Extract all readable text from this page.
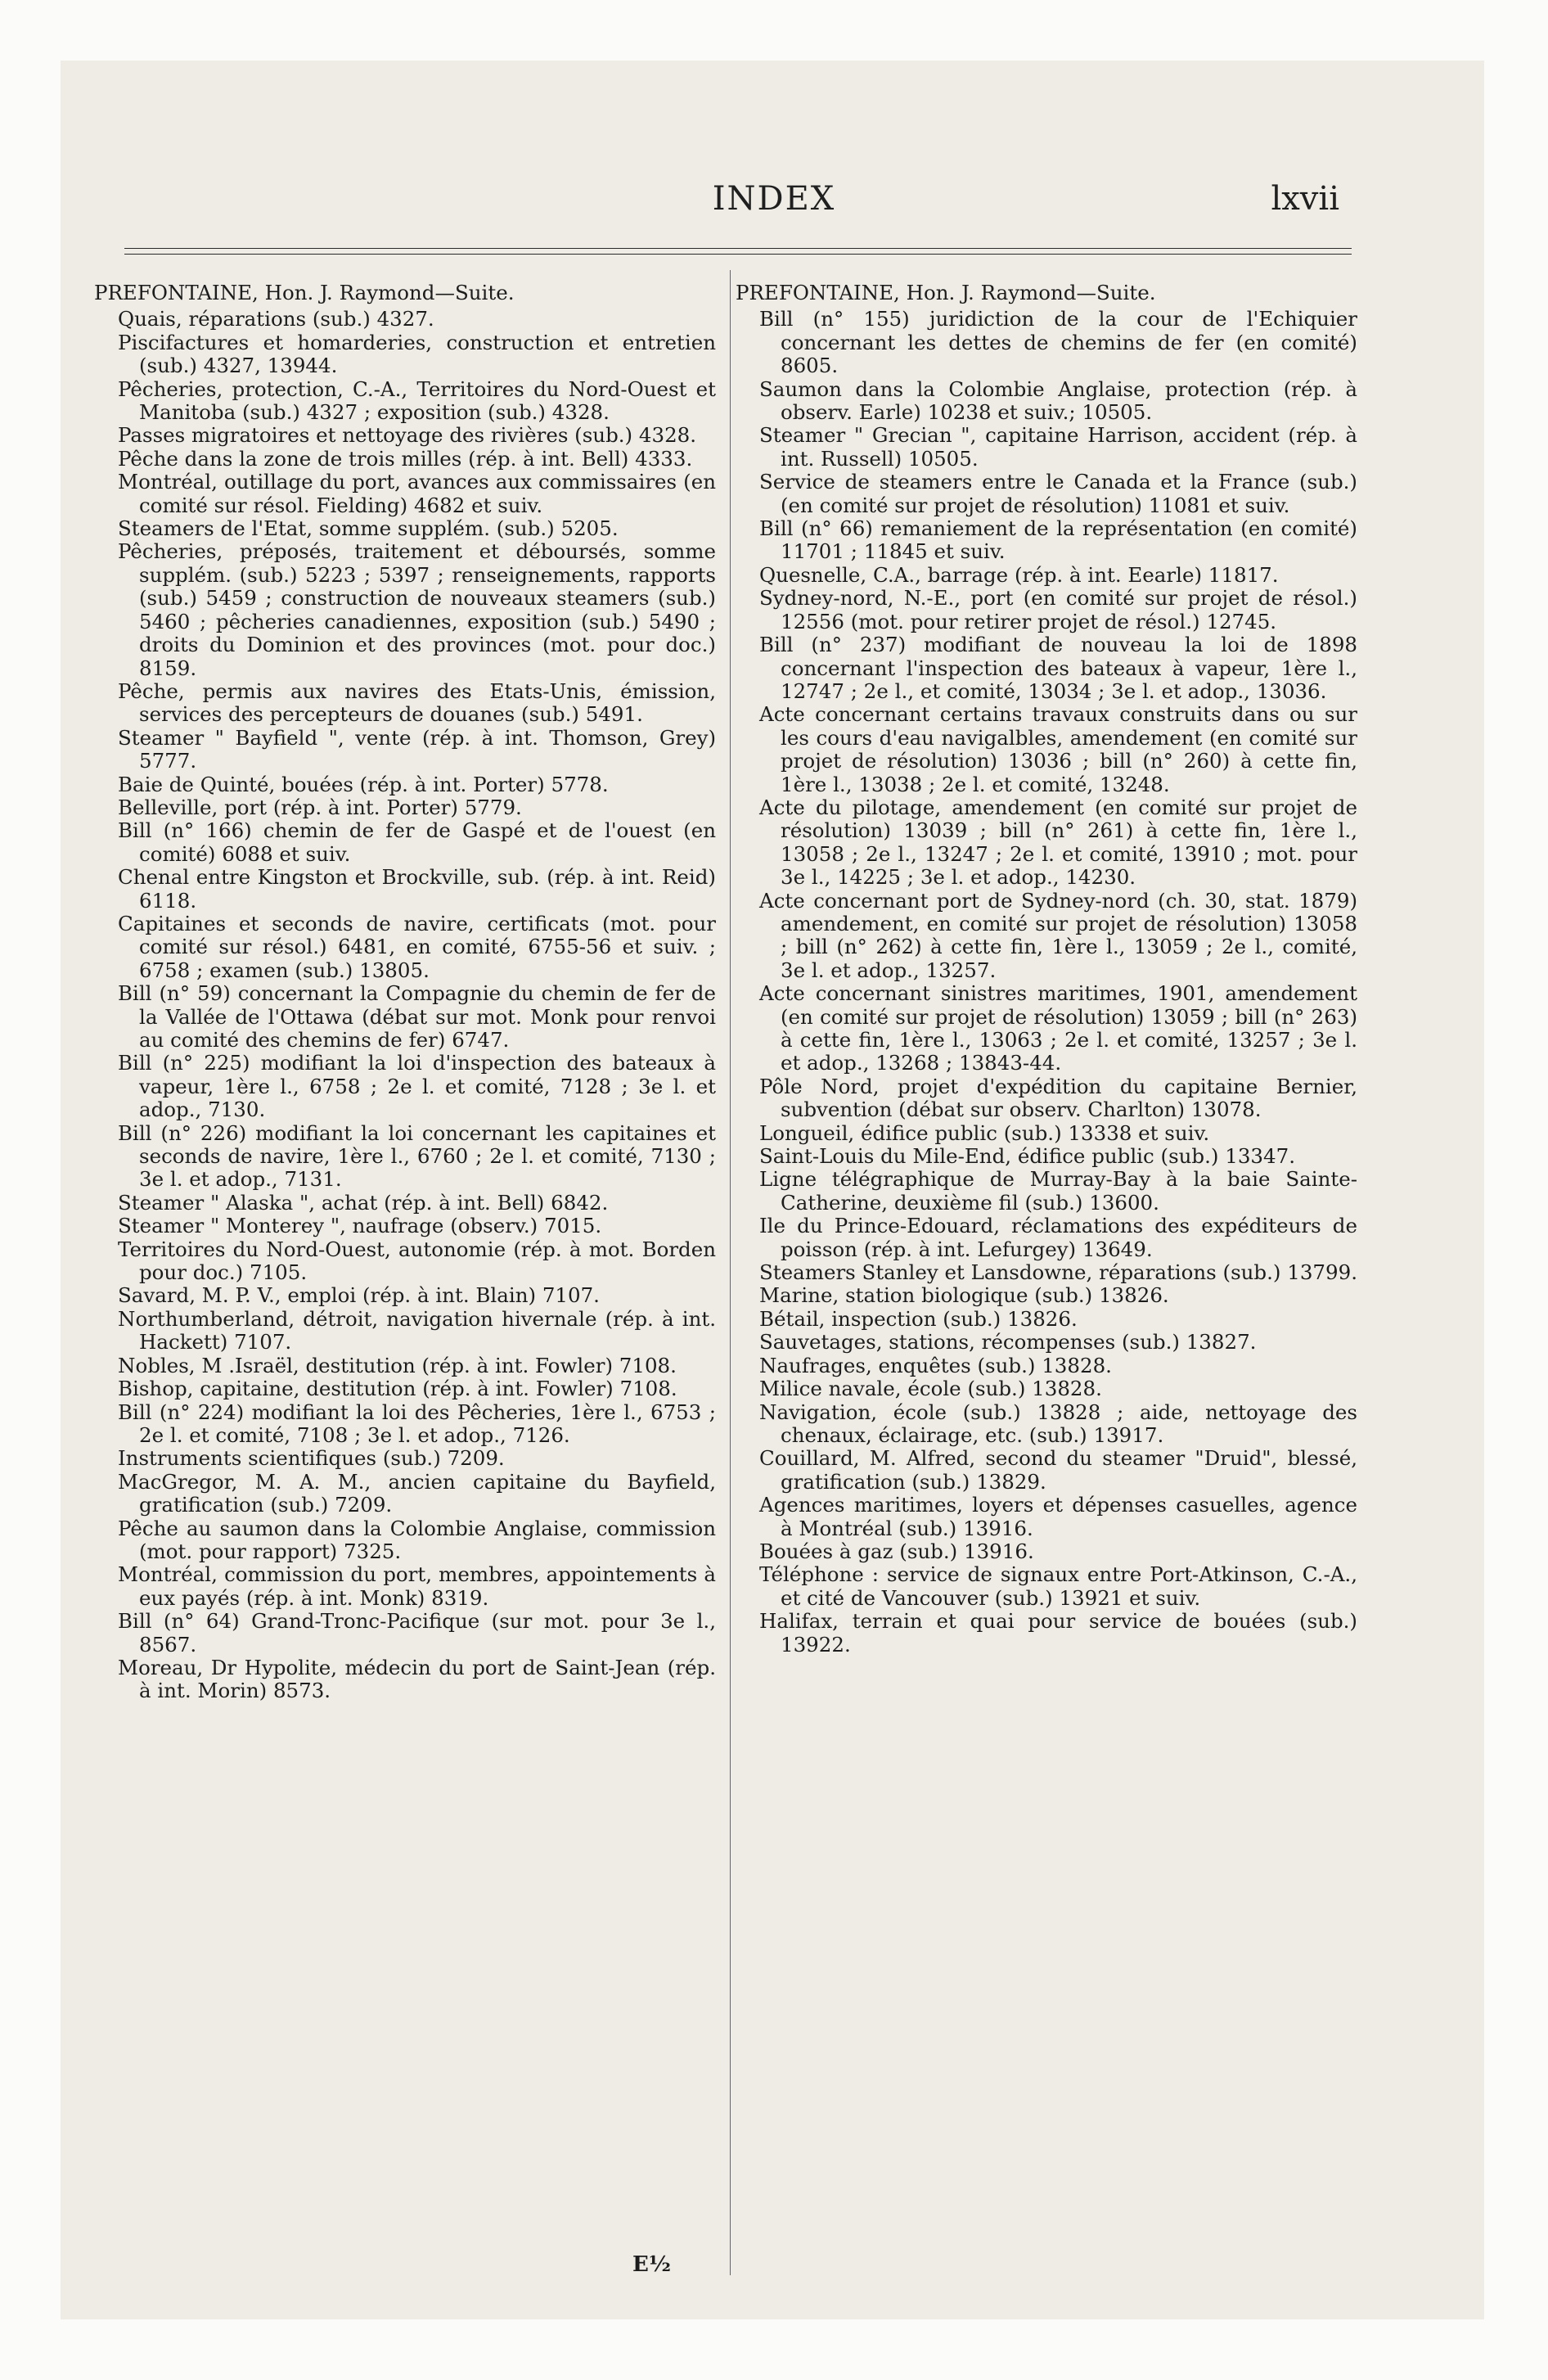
INDEX	lxvii
PREFONTAINE, Hon. J. Raymond—Suite.

Quais, réparations (sub.) 4327.

Piscifactures et homarderies, construction et entretien (sub.) 4327, 13944.

Pêcheries, protection, C.-A., Territoires du Nord-Ouest et Manitoba (sub.) 4327 ; exposition (sub.) 4328.

Passes migratoires et nettoyage des rivières (sub.) 4328.

Pêche dans la zone de trois milles (rép. à int. Bell) 4333.

Montréal, outillage du port, avances aux commissaires (en comité sur résol. Fielding) 4682 et suiv.

Steamers de l'Etat, somme supplém. (sub.) 5205.

Pêcheries, préposés, traitement et déboursés, somme supplém. (sub.) 5223 ; 5397 ; renseignements, rapports (sub.) 5459 ; construction de nouveaux steamers (sub.) 5460 ; pêcheries canadiennes, exposition (sub.) 5490 ; droits du Dominion et des provinces (mot. pour doc.) 8159.

Pêche, permis aux navires des Etats-Unis, émission, services des percepteurs de douanes (sub.) 5491.

Steamer " Bayfield ", vente (rép. à int. Thomson, Grey) 5777.

Baie de Quinté, bouées (rép. à int. Porter) 5778.

Belleville, port (rép. à int. Porter) 5779.

Bill (n° 166) chemin de fer de Gaspé et de l'ouest (en comité) 6088 et suiv.

Chenal entre Kingston et Brockville, sub. (rép. à int. Reid) 6118.

Capitaines et seconds de navire, certificats (mot. pour comité sur résol.) 6481, en comité, 6755-56 et suiv. ; 6758 ; examen (sub.) 13805.

Bill (n° 59) concernant la Compagnie du chemin de fer de la Vallée de l'Ottawa (débat sur mot. Monk pour renvoi au comité des chemins de fer) 6747.

Bill (n° 225) modifiant la loi d'inspection des bateaux à vapeur, 1ère l., 6758 ; 2e l. et comité, 7128 ; 3e l. et adop., 7130.

Bill (n° 226) modifiant la loi concernant les capitaines et seconds de navire, 1ère l., 6760 ; 2e l. et comité, 7130 ; 3e l. et adop., 7131.

Steamer " Alaska ", achat (rép. à int. Bell) 6842.

Steamer " Monterey ", naufrage (observ.) 7015.

Territoires du Nord-Ouest, autonomie (rép. à mot. Borden pour doc.) 7105.

Savard, M. P. V., emploi (rép. à int. Blain) 7107.

Northumberland, détroit, navigation hivernale (rép. à int. Hackett) 7107.

Nobles, M .Israël, destitution (rép. à int. Fowler) 7108.

Bishop, capitaine, destitution (rép. à int. Fowler) 7108.

Bill (n° 224) modifiant la loi des Pêcheries, 1ère l., 6753 ; 2e l. et comité, 7108 ; 3e l. et adop., 7126.

Instruments scientifiques (sub.) 7209.

MacGregor, M. A. M., ancien capitaine du Bayfield, gratification (sub.) 7209.

Pêche au saumon dans la Colombie Anglaise, commission (mot. pour rapport) 7325.

Montréal, commission du port, membres, appointements à eux payés (rép. à int. Monk) 8319.

Bill (n° 64) Grand-Tronc-Pacifique (sur mot. pour 3e l., 8567.

Moreau, Dr Hypolite, médecin du port de Saint-Jean (rép. à int. Morin) 8573.

PREFONTAINE, Hon. J. Raymond—Suite.

Bill (n° 155) juridiction de la cour de l'Echiquier concernant les dettes de chemins de fer (en comité) 8605.

Saumon dans la Colombie Anglaise, protection (rép. à observ. Earle) 10238 et suiv.; 10505.

Steamer " Grecian ", capitaine Harrison, accident (rép. à int. Russell) 10505.

Service de steamers entre le Canada et la France (sub.) (en comité sur projet de résolution) 11081 et suiv.

Bill (n° 66) remaniement de la représentation (en comité) 11701 ; 11845 et suiv.

Quesnelle, C.A., barrage (rép. à int. Eearle) 11817.

Sydney-nord, N.-E., port (en comité sur projet de résol.) 12556 (mot. pour retirer projet de résol.) 12745.

Bill (n° 237) modifiant de nouveau la loi de 1898 concernant l'inspection des bateaux à vapeur, 1ère l., 12747 ; 2e l., et comité, 13034 ; 3e l. et adop., 13036.

Acte concernant certains travaux construits dans ou sur les cours d'eau navigalbles, amendement (en comité sur projet de résolution) 13036 ; bill (n° 260) à cette fin, 1ère l., 13038 ; 2e l. et comité, 13248.

Acte du pilotage, amendement (en comité sur projet de résolution) 13039 ; bill (n° 261) à cette fin, 1ère l., 13058 ; 2e l., 13247 ; 2e l. et comité, 13910 ; mot. pour 3e l., 14225 ; 3e l. et adop., 14230.

Acte concernant port de Sydney-nord (ch. 30, stat. 1879) amendement, en comité sur projet de résolution) 13058 ; bill (n° 262) à cette fin, 1ère l., 13059 ; 2e l., comité, 3e l. et adop., 13257.

Acte concernant sinistres maritimes, 1901, amendement (en comité sur projet de résolution) 13059 ; bill (n° 263) à cette fin, 1ère l., 13063 ; 2e l. et comité, 13257 ; 3e l. et adop., 13268 ; 13843-44.

Pôle Nord, projet d'expédition du capitaine Bernier, subvention (débat sur observ. Charlton) 13078.

Longueil, édifice public (sub.) 13338 et suiv.

Saint-Louis du Mile-End, édifice public (sub.) 13347.

Ligne télégraphique de Murray-Bay à la baie Sainte-Catherine, deuxième fil (sub.) 13600.

Ile du Prince-Edouard, réclamations des expéditeurs de poisson (rép. à int. Lefurgey) 13649.

Steamers Stanley et Lansdowne, réparations (sub.) 13799.

Marine, station biologique (sub.) 13826.

Bétail, inspection (sub.) 13826.

Sauvetages, stations, récompenses (sub.) 13827.

Naufrages, enquêtes (sub.) 13828.

Milice navale, école (sub.) 13828.

Navigation, école (sub.) 13828 ; aide, nettoyage des chenaux, éclairage, etc. (sub.) 13917.

Couillard, M. Alfred, second du steamer "Druid", blessé, gratification (sub.) 13829.

Agences maritimes, loyers et dépenses casuelles, agence à Montréal (sub.) 13916.

Bouées à gaz (sub.) 13916.

Téléphone : service de signaux entre Port-Atkinson, C.-A., et cité de Vancouver (sub.) 13921 et suiv.

Halifax, terrain et quai pour service de bouées (sub.) 13922.

E½
